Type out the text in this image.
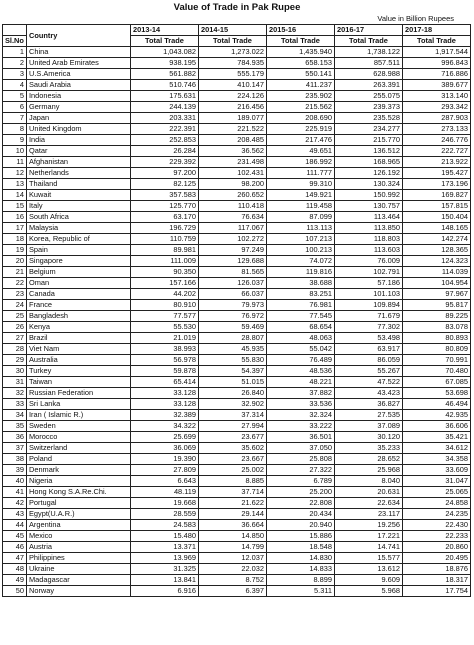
Value of Trade in Pak Rupee
Value in Billion Rupees
	Country	2013-14	2014-15	2015-16	2016-17	2017-18
Sl.No		Total Trade	Total Trade	Total Trade	Total Trade	Total Trade
1	China	1,043.082	1,273.022	1,435.940	1,738.122	1,917.544
2	United Arab Emirates	938.195	784.935	658.153	857.511	996.843
3	U.S.America	561.882	555.179	550.141	628.988	716.886
4	Saudi Arabia	510.746	410.147	411.237	263.391	389.677
5	Indonesia	175.631	224.126	235.902	255.075	313.140
6	Germany	244.139	216.456	215.562	239.373	293.342
7	Japan	203.331	189.077	208.690	235.528	287.903
8	United Kingdom	222.391	221.522	225.919	234.277	273.133
9	India	252.853	208.485	217.476	215.770	246.776
10	Qatar	26.284	36.562	49.651	136.512	222.727
11	Afghanistan	229.392	231.498	186.992	168.965	213.922
12	Netherlands	97.200	102.431	111.777	126.192	195.427
13	Thailand	82.125	98.200	99.310	130.324	173.196
14	Kuwait	357.583	260.652	149.921	150.992	169.827
15	Italy	125.770	110.418	119.458	130.757	157.815
16	South Africa	63.170	76.634	87.099	113.464	150.404
17	Malaysia	196.729	117.067	113.113	113.850	148.165
18	Korea, Republic of	110.759	102.272	107.213	118.803	142.274
19	Spain	89.981	97.249	100.213	113.603	128.365
20	Singapore	111.009	129.688	74.072	76.009	124.323
21	Belgium	90.350	81.565	119.816	102.791	114.039
22	Oman	157.166	126.037	38.688	57.186	104.954
23	Canada	44.202	66.037	83.251	101.103	97.967
24	France	80.910	79.973	76.981	109.894	95.817
25	Bangladesh	77.577	76.972	77.545	71.679	89.225
26	Kenya	55.530	59.469	68.654	77.302	83.078
27	Brazil	21.019	28.807	48.063	53.498	80.893
28	Viet Nam	38.993	45.935	55.042	63.917	80.809
29	Australia	56.978	55.830	76.489	86.059	70.991
30	Turkey	59.878	54.397	48.536	55.267	70.480
31	Taiwan	65.414	51.015	48.221	47.522	67.085
32	Russian Federation	33.128	26.840	37.882	43.423	53.698
33	Sri Lanka	33.128	32.902	33.536	36.827	46.494
34	Iran ( Islamic R.)	32.389	37.314	32.324	27.535	42.935
35	Sweden	34.322	27.994	33.222	37.089	36.606
36	Morocco	25.699	23.677	36.501	30.120	35.421
37	Switzerland	36.069	35.602	37.050	35.233	34.612
38	Poland	19.390	23.667	25.808	28.652	34.358
39	Denmark	27.809	25.002	27.322	25.968	33.609
40	Nigeria	6.643	8.885	6.789	8.040	31.047
41	Hong Kong S.A.Re.Chi.	48.119	37.714	25.200	20.631	25.065
42	Portugal	19.668	21.622	22.808	22.634	24.858
43	Egypt(U.A.R.)	28.559	29.144	20.434	23.117	24.235
44	Argentina	24.583	36.664	20.940	19.256	22.430
45	Mexico	15.480	14.850	15.886	17.221	22.233
46	Austria	13.371	14.799	18.548	14.741	20.860
47	Philippines	13.969	12.037	14.830	15.577	20.495
48	Ukraine	31.325	22.032	14.833	13.612	18.876
49	Madagascar	13.841	8.752	8.899	9.609	18.317
50	Norway	6.916	6.397	5.311	5.968	17.754
